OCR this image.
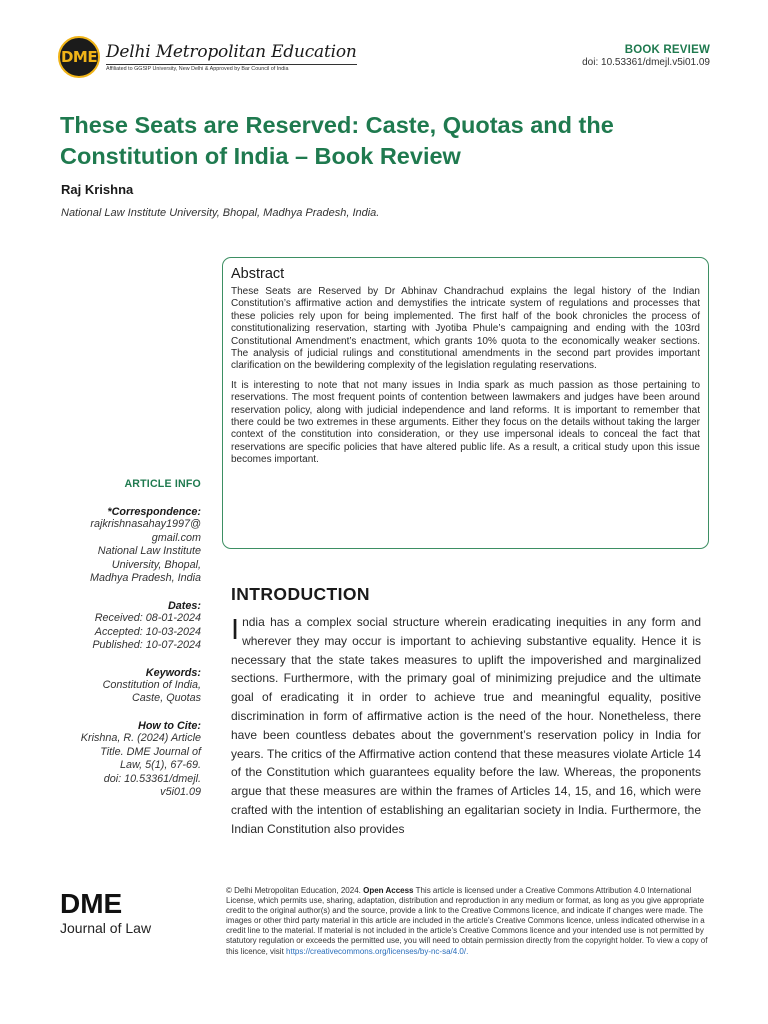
DME Delhi Metropolitan Education
Affiliated to GGSIP University, New Delhi & Approved by Bar Council of India
BOOK REVIEW
doi: 10.53361/dmejl.v5i01.09
These Seats are Reserved: Caste, Quotas and the Constitution of India – Book Review
Raj Krishna
National Law Institute University, Bhopal, Madhya Pradesh, India.
Abstract

These Seats are Reserved by Dr Abhinav Chandrachud explains the legal history of the Indian Constitution’s affirmative action and demystifies the intricate system of regulations and processes that these policies rely upon for being implemented. The first half of the book chronicles the process of constitutionalizing reservation, starting with Jyotiba Phule’s campaigning and ending with the 103rd Constitutional Amendment’s enactment, which grants 10% quota to the economically weaker sections. The analysis of judicial rulings and constitutional amendments in the second part provides important clarification on the bewildering complexity of the legislation regulating reservations.

It is interesting to note that not many issues in India spark as much passion as those pertaining to reservations. The most frequent points of contention between lawmakers and judges have been around reservation policy, along with judicial independence and land reforms. It is important to remember that there could be two extremes in these arguments. Either they focus on the details without taking the larger context of the constitution into consideration, or they use impersonal ideals to conceal the fact that reservations are specific policies that have altered public life. As a result, a critical study upon this issue becomes important.

ARTICLE INFO
*Correspondence:
rajkrishnasahay1997@
gmail.com
National Law Institute
University, Bhopal,
Madhya Pradesh, India
Dates:
Received: 08-01-2024
Accepted: 10-03-2024
Published: 10-07-2024
Keywords:
Constitution of India,
Caste, Quotas
How to Cite:
Krishna, R. (2024) Article
Title. DME Journal of
Law, 5(1), 67-69.
doi: 10.53361/dmejl.
v5i01.09
INTRODUCTION
India has a complex social structure wherein eradicating inequities in any form and wherever they may occur is important to achieving substantive equality. Hence it is necessary that the state takes measures to uplift the impoverished and marginalized sections. Furthermore, with the primary goal of minimizing prejudice and the ultimate goal of eradicating it in order to achieve true and meaningful equality, positive discrimination in form of affirmative action is the need of the hour. Nonetheless, there have been countless debates about the government’s reservation policy in India for years. The critics of the Affirmative action contend that these measures violate Article 14 of the Constitution which guarantees equality before the law. Whereas, the proponents argue that these measures are within the frames of Articles 14, 15, and 16, which were crafted with the intention of establishing an egalitarian society in India. Furthermore, the Indian Constitution also provides
DME
Journal of Law
© Delhi Metropolitan Education, 2024. Open Access This article is licensed under a Creative Commons Attribution 4.0 International License, which permits use, sharing, adaptation, distribution and reproduction in any medium or format, as long as you give appropriate credit to the original author(s) and the source, provide a link to the Creative Commons licence, and indicate if changes were made. The images or other third party material in this article are included in the article’s Creative Commons licence, unless indicated otherwise in a credit line to the material. If material is not included in the article’s Creative Commons licence and your intended use is not permitted by statutory regulation or exceeds the permitted use, you will need to obtain permission directly from the copyright holder. To view a copy of this licence, visit https://creativecommons.org/licenses/by-nc-sa/4.0/.
